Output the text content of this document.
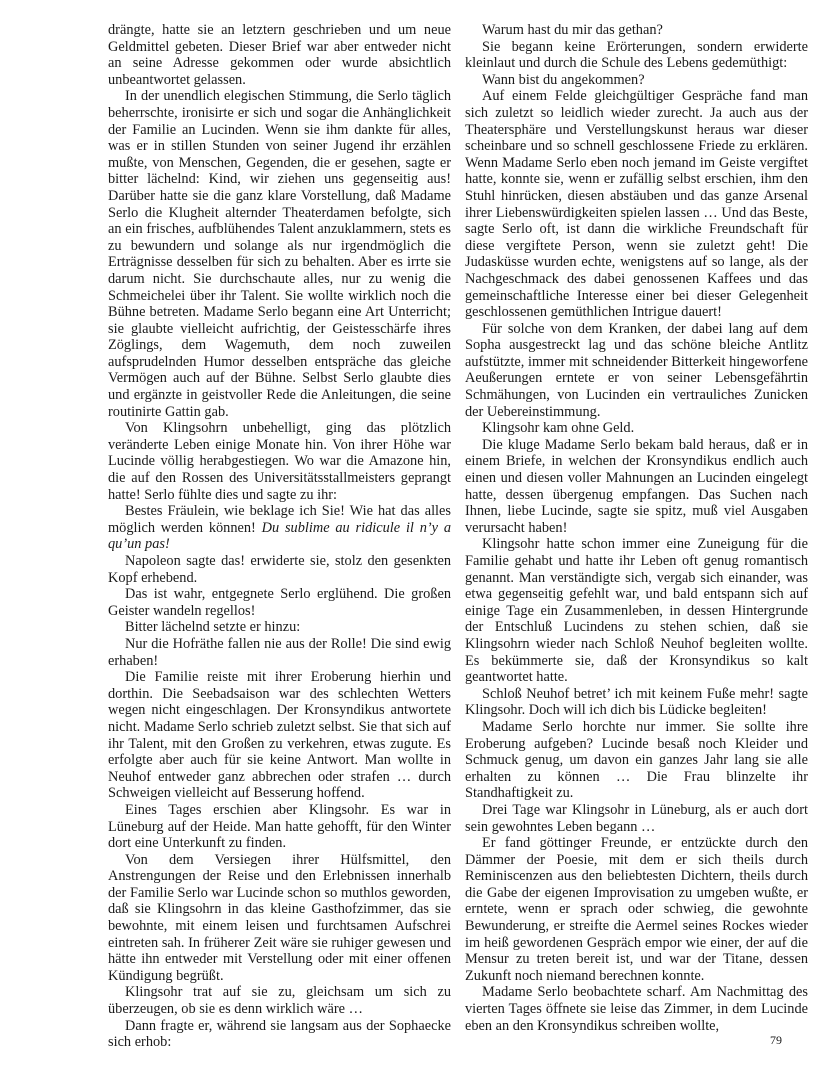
drängte, hatte sie an letztern geschrieben und um neue Geldmittel gebeten. Dieser Brief war aber entweder nicht an seine Adresse gekommen oder wurde absichtlich unbeantwortet gelassen.

In der unendlich elegischen Stimmung, die Serlo täglich beherrschte, ironisirte er sich und sogar die Anhänglichkeit der Familie an Lucinden. Wenn sie ihm dankte für alles, was er in stillen Stunden von seiner Jugend ihr erzählen mußte, von Menschen, Gegenden, die er gesehen, sagte er bitter lächelnd: Kind, wir ziehen uns gegenseitig aus! Darüber hatte sie die ganz klare Vorstellung, daß Madame Serlo die Klugheit alternder Theaterdamen befolgte, sich an ein frisches, aufblühendes Talent anzuklammern, stets es zu bewundern und solange als nur irgendmöglich die Erträgnisse desselben für sich zu behalten. Aber es irrte sie darum nicht. Sie durchschaute alles, nur zu wenig die Schmeichelei über ihr Talent. Sie wollte wirklich noch die Bühne betreten. Madame Serlo begann eine Art Unterricht; sie glaubte vielleicht aufrichtig, der Geistesschärfe ihres Zöglings, dem Wagemuth, dem noch zuweilen aufsprudelnden Humor desselben entspräche das gleiche Vermögen auch auf der Bühne. Selbst Serlo glaubte dies und ergänzte in geistvoller Rede die Anleitungen, die seine routinirte Gattin gab.

Von Klingsohrn unbehelligt, ging das plötzlich veränderte Leben einige Monate hin. Von ihrer Höhe war Lucinde völlig herabgestiegen. Wo war die Amazone hin, die auf den Rossen des Universitätsstallmeisters geprangt hatte! Serlo fühlte dies und sagte zu ihr:

Bestes Fräulein, wie beklage ich Sie! Wie hat das alles möglich werden können! Du sublime au ridicule il n’y a qu’un pas!

Napoleon sagte das! erwiderte sie, stolz den gesenkten Kopf erhebend.

Das ist wahr, entgegnete Serlo erglühend. Die großen Geister wandeln regellos!

Bitter lächelnd setzte er hinzu:

Nur die Hofräthe fallen nie aus der Rolle! Die sind ewig erhaben!

Die Familie reiste mit ihrer Eroberung hierhin und dorthin. Die Seebadsaison war des schlechten Wetters wegen nicht eingeschlagen. Der Kronsyndikus antwortete nicht. Madame Serlo schrieb zuletzt selbst. Sie that sich auf ihr Talent, mit den Großen zu verkehren, etwas zugute. Es erfolgte aber auch für sie keine Antwort. Man wollte in Neuhof entweder ganz abbrechen oder strafen … durch Schweigen vielleicht auf Besserung hoffend.

Eines Tages erschien aber Klingsohr. Es war in Lüneburg auf der Heide. Man hatte gehofft, für den Winter dort eine Unterkunft zu finden.

Von dem Versiegen ihrer Hülfsmittel, den Anstrengungen der Reise und den Erlebnissen innerhalb der Familie Serlo war Lucinde schon so muthlos geworden, daß sie Klingsohrn in das kleine Gasthofzimmer, das sie bewohnte, mit einem leisen und furchtsamen Aufschrei eintreten sah. In früherer Zeit wäre sie ruhiger gewesen und hätte ihn entweder mit Verstellung oder mit einer offenen Kündigung begrüßt.

Klingsohr trat auf sie zu, gleichsam um sich zu überzeugen, ob sie es denn wirklich wäre …

Dann fragte er, während sie langsam aus der Sophaecke sich erhob:

Warum hast du mir das gethan?

Sie begann keine Erörterungen, sondern erwiderte kleinlaut und durch die Schule des Lebens gedemüthigt:

Wann bist du angekommen?

Auf einem Felde gleichgültiger Gespräche fand man sich zuletzt so leidlich wieder zurecht. Ja auch aus der Theatersphäre und Verstellungskunst heraus war dieser scheinbare und so schnell geschlossene Friede zu erklären. Wenn Madame Serlo eben noch jemand im Geiste vergiftet hatte, konnte sie, wenn er zufällig selbst erschien, ihm den Stuhl hinrücken, diesen abstäuben und das ganze Arsenal ihrer Liebenswürdigkeiten spielen lassen … Und das Beste, sagte Serlo oft, ist dann die wirkliche Freundschaft für diese vergiftete Person, wenn sie zuletzt geht! Die Judasküsse wurden echte, wenigstens auf so lange, als der Nachgeschmack des dabei genossenen Kaffees und das gemeinschaftliche Interesse einer bei dieser Gelegenheit geschlossenen gemüthlichen Intrigue dauert!

Für solche von dem Kranken, der dabei lang auf dem Sopha ausgestreckt lag und das schöne bleiche Antlitz aufstützte, immer mit schneidender Bitterkeit hingeworfene Aeußerungen erntete er von seiner Lebensgefährtin Schmähungen, von Lucinden ein vertrauliches Zunicken der Uebereinstimmung.

Klingsohr kam ohne Geld.

Die kluge Madame Serlo bekam bald heraus, daß er in einem Briefe, in welchen der Kronsyndikus endlich auch einen und diesen voller Mahnungen an Lucinden eingelegt hatte, dessen übergenug empfangen. Das Suchen nach Ihnen, liebe Lucinde, sagte sie spitz, muß viel Ausgaben verursacht haben!

Klingsohr hatte schon immer eine Zuneigung für die Familie gehabt und hatte ihr Leben oft genug romantisch genannt. Man verständigte sich, vergab sich einander, was etwa gegenseitig gefehlt war, und bald entspann sich auf einige Tage ein Zusammenleben, in dessen Hintergrunde der Entschluß Lucindens zu stehen schien, daß sie Klingsohrn wieder nach Schloß Neuhof begleiten wollte. Es bekümmerte sie, daß der Kronsyndikus so kalt geantwortet hatte.

Schloß Neuhof betret’ ich mit keinem Fuße mehr! sagte Klingsohr. Doch will ich dich bis Lüdicke begleiten!

Madame Serlo horchte nur immer. Sie sollte ihre Eroberung aufgeben? Lucinde besaß noch Kleider und Schmuck genug, um davon ein ganzes Jahr lang sie alle erhalten zu können … Die Frau blinzelte ihr Standhaftigkeit zu.

Drei Tage war Klingsohr in Lüneburg, als er auch dort sein gewohntes Leben begann …

Er fand göttinger Freunde, er entzückte durch den Dämmer der Poesie, mit dem er sich theils durch Reminiscenzen aus den beliebtesten Dichtern, theils durch die Gabe der eigenen Improvisation zu umgeben wußte, er erntete, wenn er sprach oder schwieg, die gewohnte Bewunderung, er streifte die Aermel seines Rockes wieder im heiß gewordenen Gespräch empor wie einer, der auf die Mensur zu treten bereit ist, und war der Titane, dessen Zukunft noch niemand berechnen konnte.

Madame Serlo beobachtete scharf. Am Nachmittag des vierten Tages öffnete sie leise das Zimmer, in dem Lucinde eben an den Kronsyndikus schreiben wollte,

79
